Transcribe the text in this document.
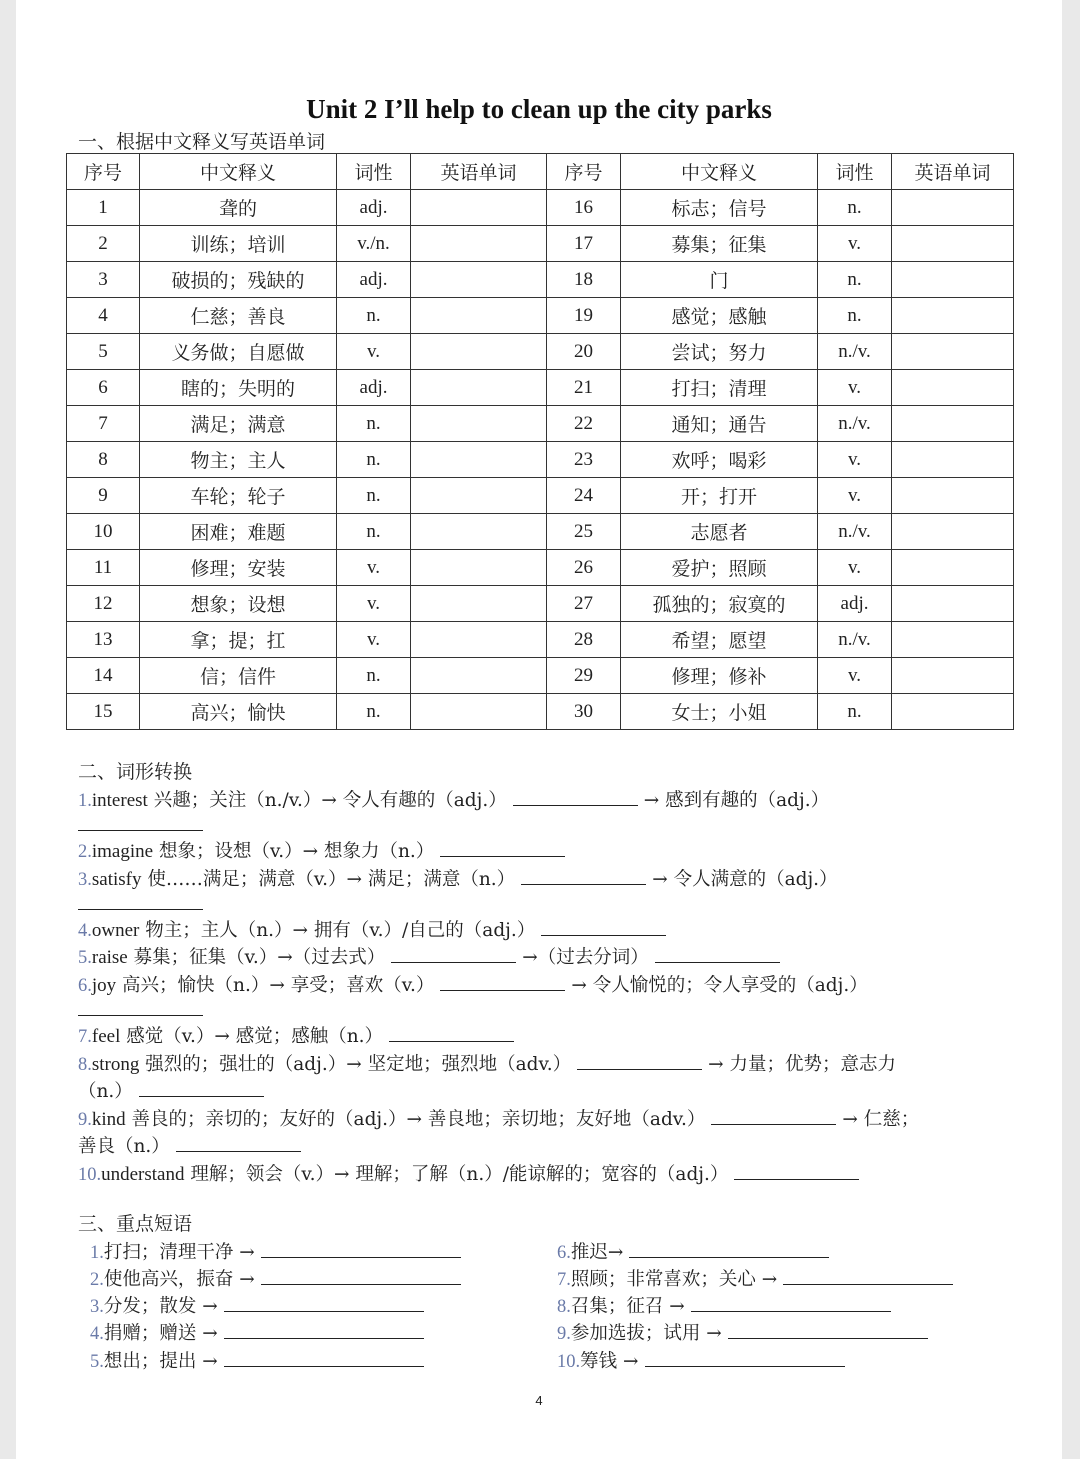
Unit 2 I’ll help to clean up the city parks
一、根据中文释义写英语单词
序号	中文释义	词性	英语单词	序号	中文释义	词性	英语单词
1	聋的	adj.		16	标志；信号	n.	
2	训练；培训	v./n.		17	募集；征集	v.	
3	破损的；残缺的	adj.		18	门	n.	
4	仁慈；善良	n.		19	感觉；感触	n.	
5	义务做；自愿做	v.		20	尝试；努力	n./v.	
6	瞎的；失明的	adj.		21	打扫；清理	v.	
7	满足；满意	n.		22	通知；通告	n./v.	
8	物主；主人	n.		23	欢呼；喝彩	v.	
9	车轮；轮子	n.		24	开；打开	v.	
10	困难；难题	n.		25	志愿者	n./v.	
11	修理；安装	v.		26	爱护；照顾	v.	
12	想象；设想	v.		27	孤独的；寂寞的	adj.	
13	拿；提；扛	v.		28	希望；愿望	n./v.	
14	信；信件	n.		29	修理；修补	v.	
15	高兴；愉快	n.		30	女士；小姐	n.	
二、词形转换
1.interest 兴趣；关注（n./v.）→ 令人有趣的（adj.）	→ 感到有趣的（adj.）
2.imagine 想象；设想（v.）→ 想象力（n.）
3.satisfy 使……满足；满意（v.）→ 满足；满意（n.）	→ 令人满意的（adj.）
4.owner 物主；主人（n.）→ 拥有（v.）/自己的（adj.）
5.raise 募集；征集（v.）→（过去式）	→（过去分词）
6.joy 高兴；愉快（n.）→ 享受；喜欢（v.）	→ 令人愉悦的；令人享受的（adj.）
7.feel 感觉（v.）→ 感觉；感触（n.）
8.strong 强烈的；强壮的（adj.）→ 坚定地；强烈地（adv.）	→ 力量；优势；意志力
（n.）
9.kind 善良的；亲切的；友好的（adj.）→ 善良地；亲切地；友好地（adv.）	→ 仁慈；
善良（n.）
10.understand 理解；领会（v.）→ 理解；了解（n.）/能谅解的；宽容的（adj.）
三、重点短语
1.打扫；清理干净 →
2.使他高兴，振奋 →
3.分发；散发 →
4.捐赠；赠送 →
5.想出；提出 →
6.推迟→
7.照顾；非常喜欢；关心 →
8.召集；征召 →
9.参加选拔；试用 →
10.筹钱 →
4
